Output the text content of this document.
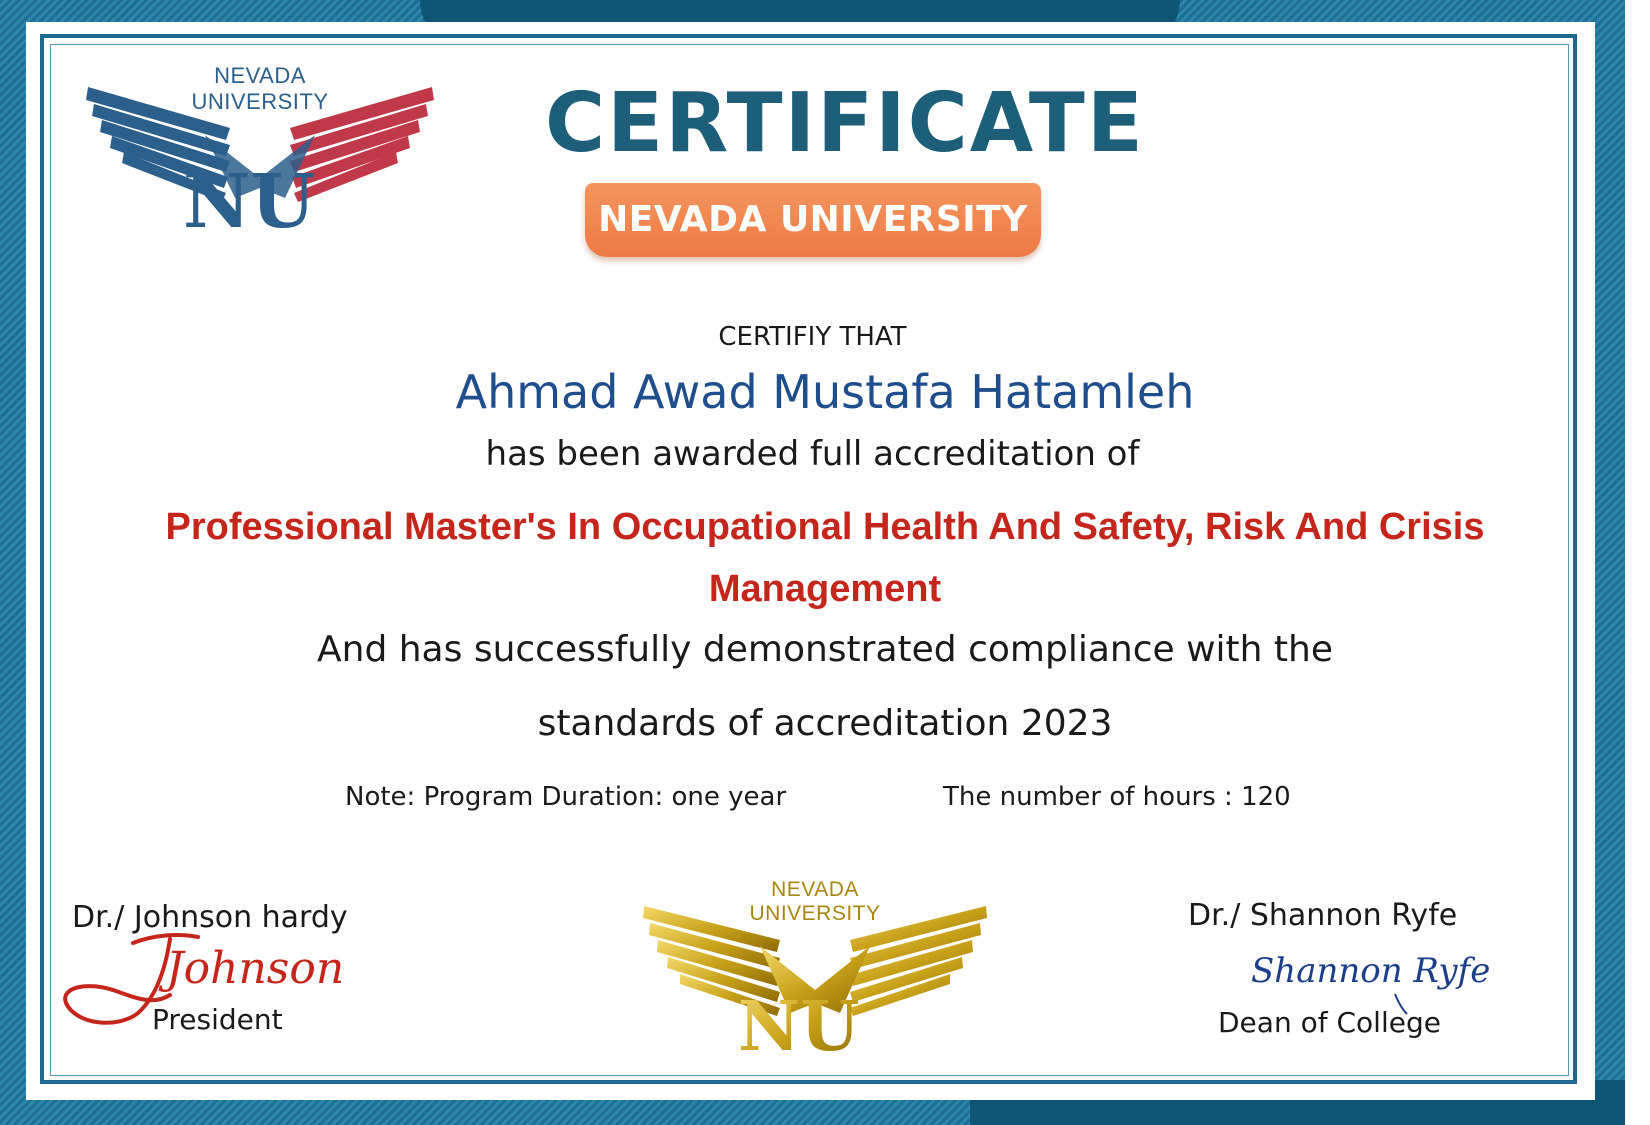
NEVADA UNIVERSITY
NU
CERTIFICATE
NEVADA UNIVERSITY
CERTIFIY THAT
Ahmad Awad Mustafa Hatamleh
has been awarded full accreditation of
Professional Master's In Occupational Health And Safety, Risk And Crisis Management
And has successfully demonstrated compliance with the
standards of accreditation 2023
Note: Program Duration: one year	The number of hours : 120
Dr./ Johnson hardy
Johnson
President
NEVADA UNIVERSITY
NU
Dr./ Shannon Ryfe
Shannon Ryfe
Dean of College
